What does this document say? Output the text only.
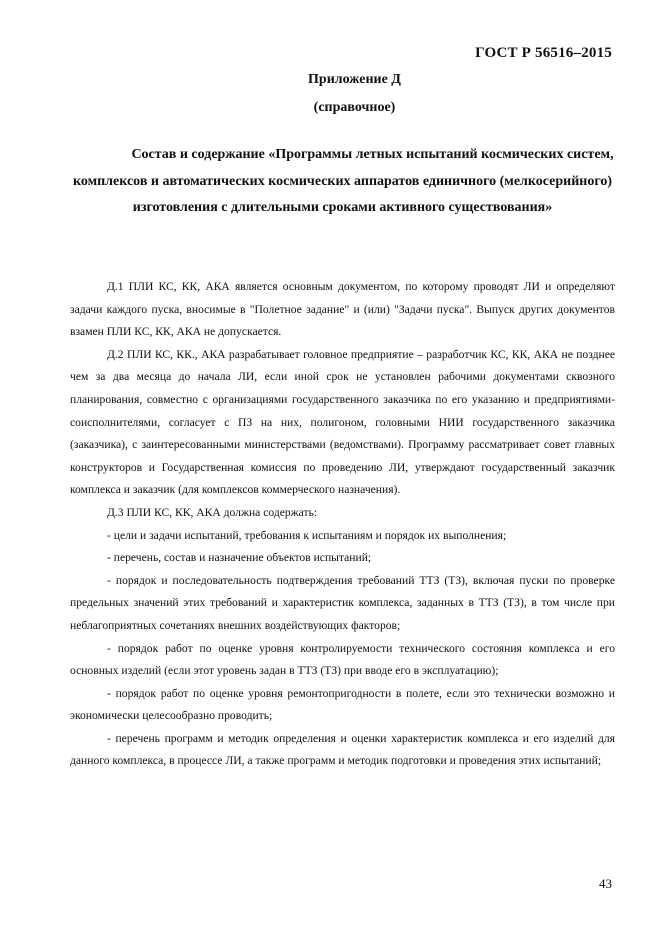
ГОСТ Р 56516–2015
Приложение Д
(справочное)
Состав и содержание «Программы летных испытаний космических систем, комплексов и автоматических космических аппаратов единичного (мелкосерийного) изготовления с длительными сроками активного существования»

Д.1 ПЛИ КС, КК, АКА является основным документом, по которому проводят ЛИ и определяют задачи каждого пуска, вносимые в "Полетное задание" и (или) "Задачи пуска". Выпуск других документов взамен ПЛИ КС, КК, АКА не допускается.

Д.2 ПЛИ КС, КК., АКА разрабатывает головное предприятие – разработчик КС, КК, АКА не позднее чем за два месяца до начала ЛИ, если иной срок не установлен рабочими документами сквозного планирования, совместно с организациями государственного заказчика по его указанию и предприятиями-соисполнителями, согласует с ПЗ на них, полигоном, головными НИИ государственного заказчика (заказчика), с заинтересованными министерствами (ведомствами). Программу рассматривает совет главных конструкторов и Государственная комиссия по проведению ЛИ, утверждают государственный заказчик комплекса и заказчик (для комплексов коммерческого назначения).

Д.3 ПЛИ КС, КК, АКА должна содержать:

- цели и задачи испытаний, требования к испытаниям и порядок их выполнения;

- перечень, состав и назначение объектов испытаний;

- порядок и последовательность подтверждения требований ТТЗ (ТЗ), включая пуски по проверке предельных значений этих требований и характеристик комплекса, заданных в ТТЗ (ТЗ), в том числе при неблагоприятных сочетаниях внешних воздействующих факторов;

- порядок работ по оценке уровня контролируемости технического состояния комплекса и его основных изделий (если этот уровень задан в ТТЗ (ТЗ) при вводе его в эксплуатацию);

- порядок работ по оценке уровня ремонтопригодности в полете, если это технически возможно и экономически целесообразно проводить;

- перечень программ и методик определения и оценки характеристик комплекса и его изделий для данного комплекса, в процессе ЛИ, а также программ и методик подготовки и проведения этих испытаний;

43
